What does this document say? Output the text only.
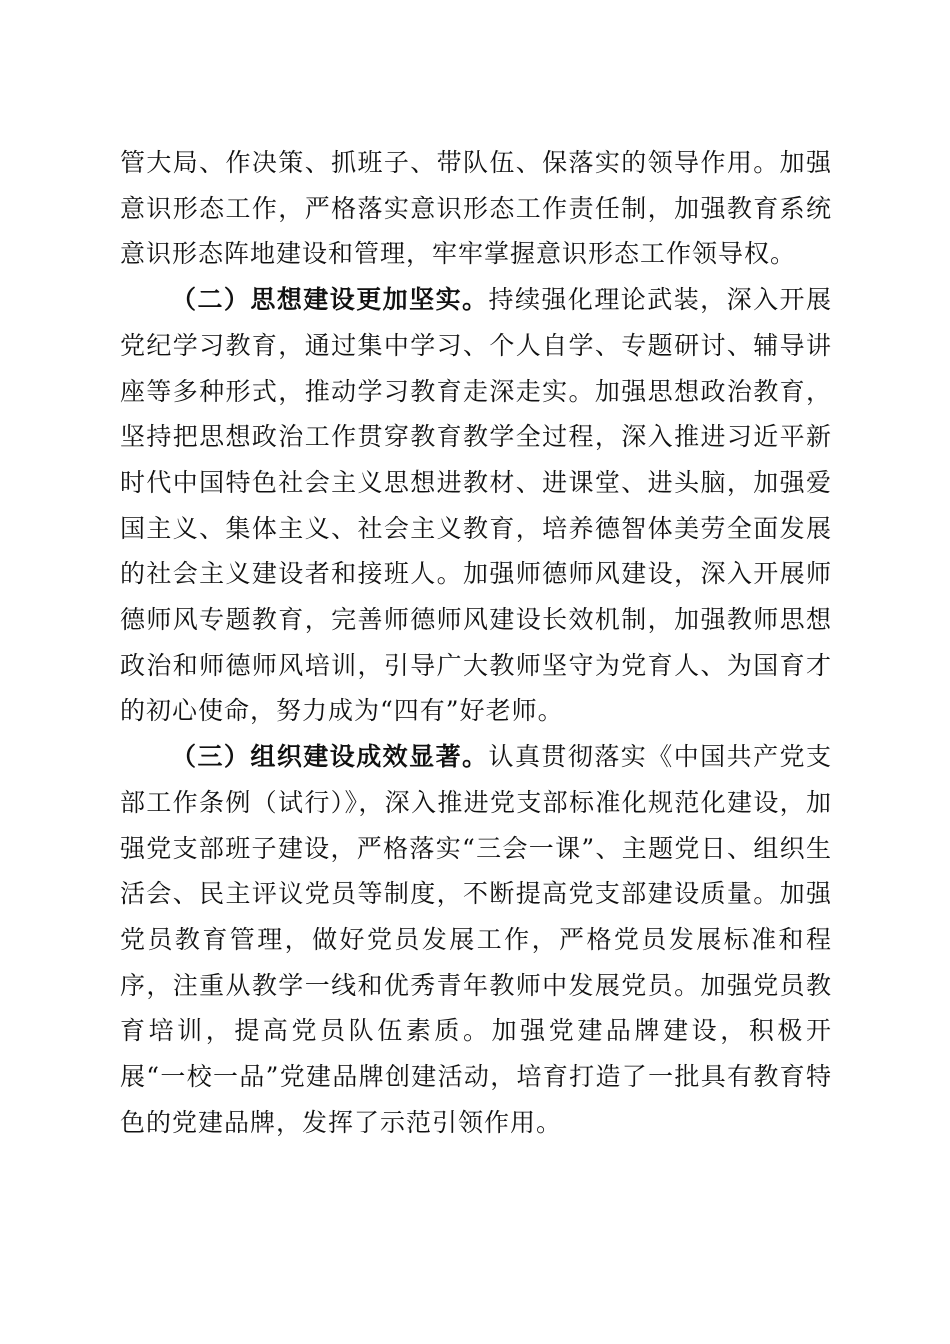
管大局、作决策、抓班子、带队伍、保落实的领导作用。加强意识形态工作，严格落实意识形态工作责任制，加强教育系统意识形态阵地建设和管理，牢牢掌握意识形态工作领导权。

（二）思想建设更加坚实。持续强化理论武装，深入开展党纪学习教育，通过集中学习、个人自学、专题研讨、辅导讲座等多种形式，推动学习教育走深走实。加强思想政治教育，坚持把思想政治工作贯穿教育教学全过程，深入推进习近平新时代中国特色社会主义思想进教材、进课堂、进头脑，加强爱国主义、集体主义、社会主义教育，培养德智体美劳全面发展的社会主义建设者和接班人。加强师德师风建设，深入开展师德师风专题教育，完善师德师风建设长效机制，加强教师思想政治和师德师风培训，引导广大教师坚守为党育人、为国育才的初心使命，努力成为“四有”好老师。

（三）组织建设成效显著。认真贯彻落实《中国共产党支部工作条例（试行）》，深入推进党支部标准化规范化建设，加强党支部班子建设，严格落实“三会一课”、主题党日、组织生活会、民主评议党员等制度，不断提高党支部建设质量。加强党员教育管理，做好党员发展工作，严格党员发展标准和程序，注重从教学一线和优秀青年教师中发展党员。加强党员教育培训，提高党员队伍素质。加强党建品牌建设，积极开展“一校一品”党建品牌创建活动，培育打造了一批具有教育特色的党建品牌，发挥了示范引领作用。
